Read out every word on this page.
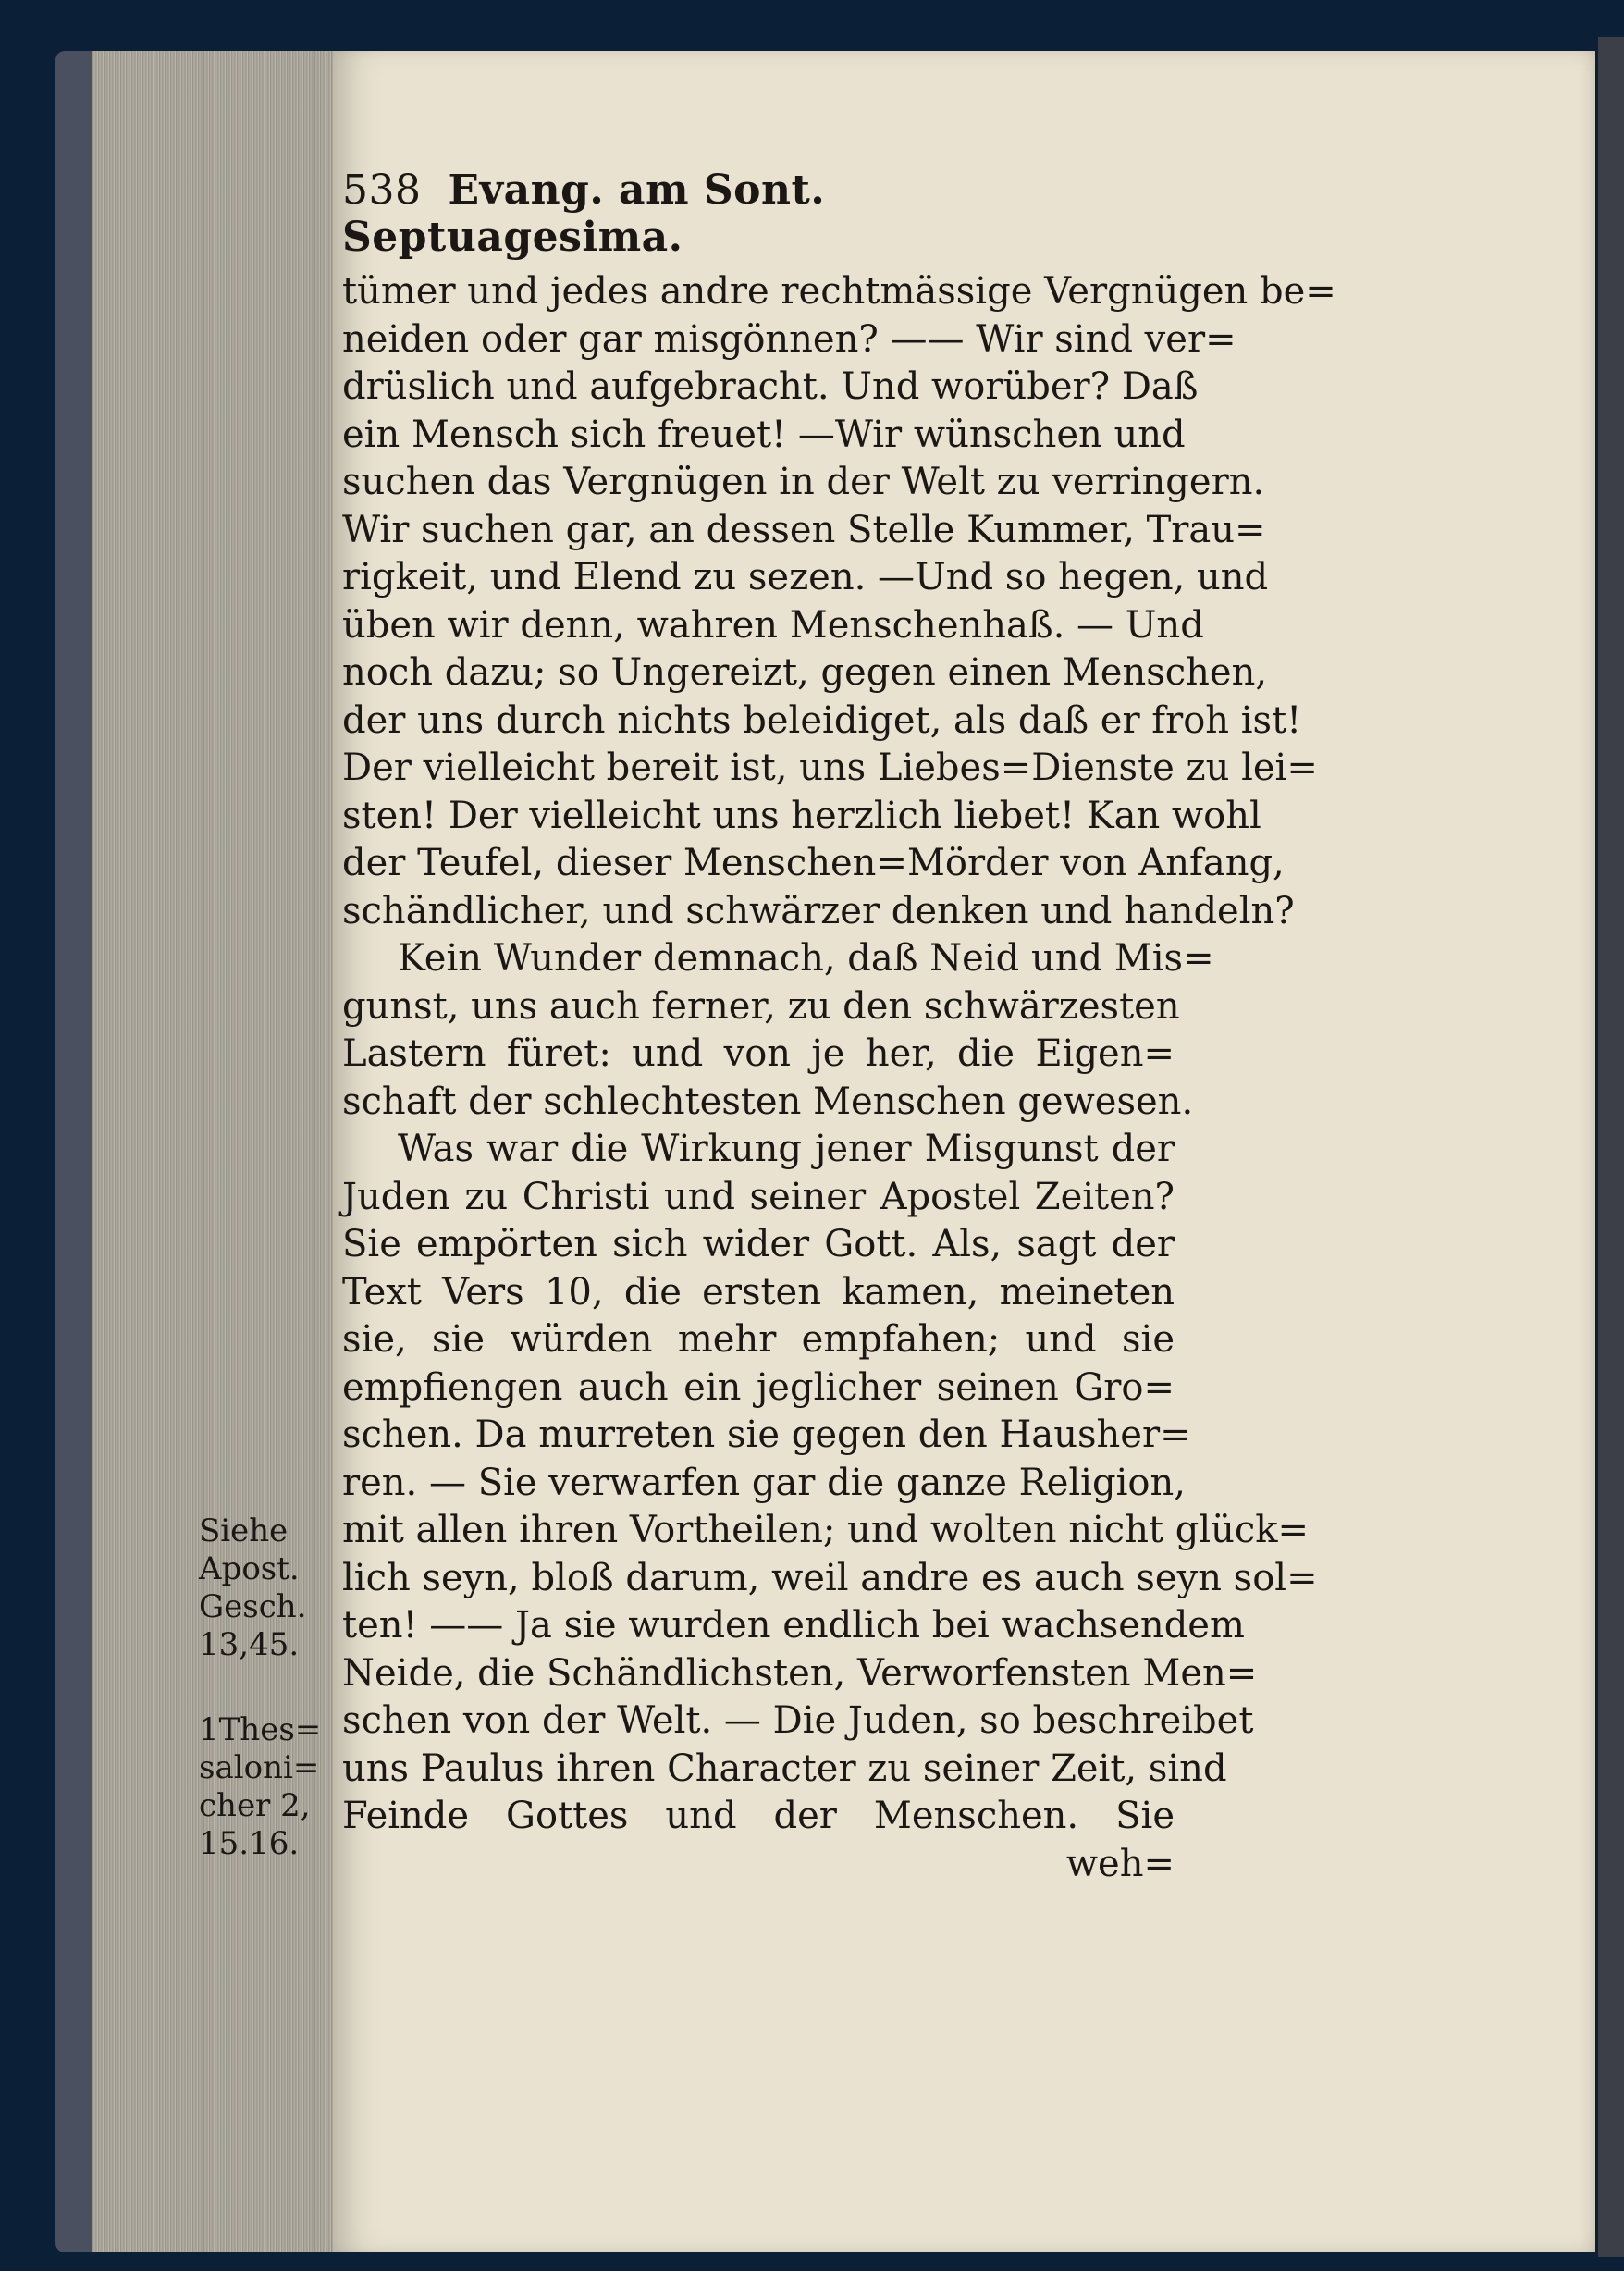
538 Evang. am Sont. Septuagesima.
tümer und jedes andre rechtmässige Vergnügen be=
neiden oder gar misgönnen? —— Wir sind ver=
drüslich und aufgebracht. Und worüber? Daß
ein Mensch sich freuet! —Wir wünschen und
suchen das Vergnügen in der Welt zu verringern.
Wir suchen gar, an dessen Stelle Kummer, Trau=
rigkeit, und Elend zu sezen. —Und so hegen, und
üben wir denn, wahren Menschenhaß. — Und
noch dazu; so Ungereizt, gegen einen Menschen,
der uns durch nichts beleidiget, als daß er froh ist!
Der vielleicht bereit ist, uns Liebes=Dienste zu lei=
sten! Der vielleicht uns herzlich liebet! Kan wohl
der Teufel, dieser Menschen=Mörder von Anfang,
schändlicher, und schwärzer denken und handeln?
Kein Wunder demnach, daß Neid und Mis=
gunst, uns auch ferner, zu den schwärzesten
Lastern füret: und von je her, die Eigen=
schaft der schlechtesten Menschen gewesen.
Was war die Wirkung jener Misgunst der
Juden zu Christi und seiner Apostel Zeiten?
Sie empörten sich wider Gott. Als, sagt der
Text Vers 10, die ersten kamen, meineten
sie, sie würden mehr empfahen; und sie
empfiengen auch ein jeglicher seinen Gro=
schen. Da murreten sie gegen den Hausher=
ren. — Sie verwarfen gar die ganze Religion,
mit allen ihren Vortheilen; und wolten nicht glück=
lich seyn, bloß darum, weil andre es auch seyn sol=
ten! —— Ja sie wurden endlich bei wachsendem
Neide, die Schändlichsten, Verworfensten Men=
schen von der Welt. — Die Juden, so beschreibet
uns Paulus ihren Character zu seiner Zeit, sind
Feinde Gottes und der Menschen. Sie
weh=
Siehe
Apost.
Gesch.
13,45.
1Thes=
saloni=
cher 2,
15.16.
